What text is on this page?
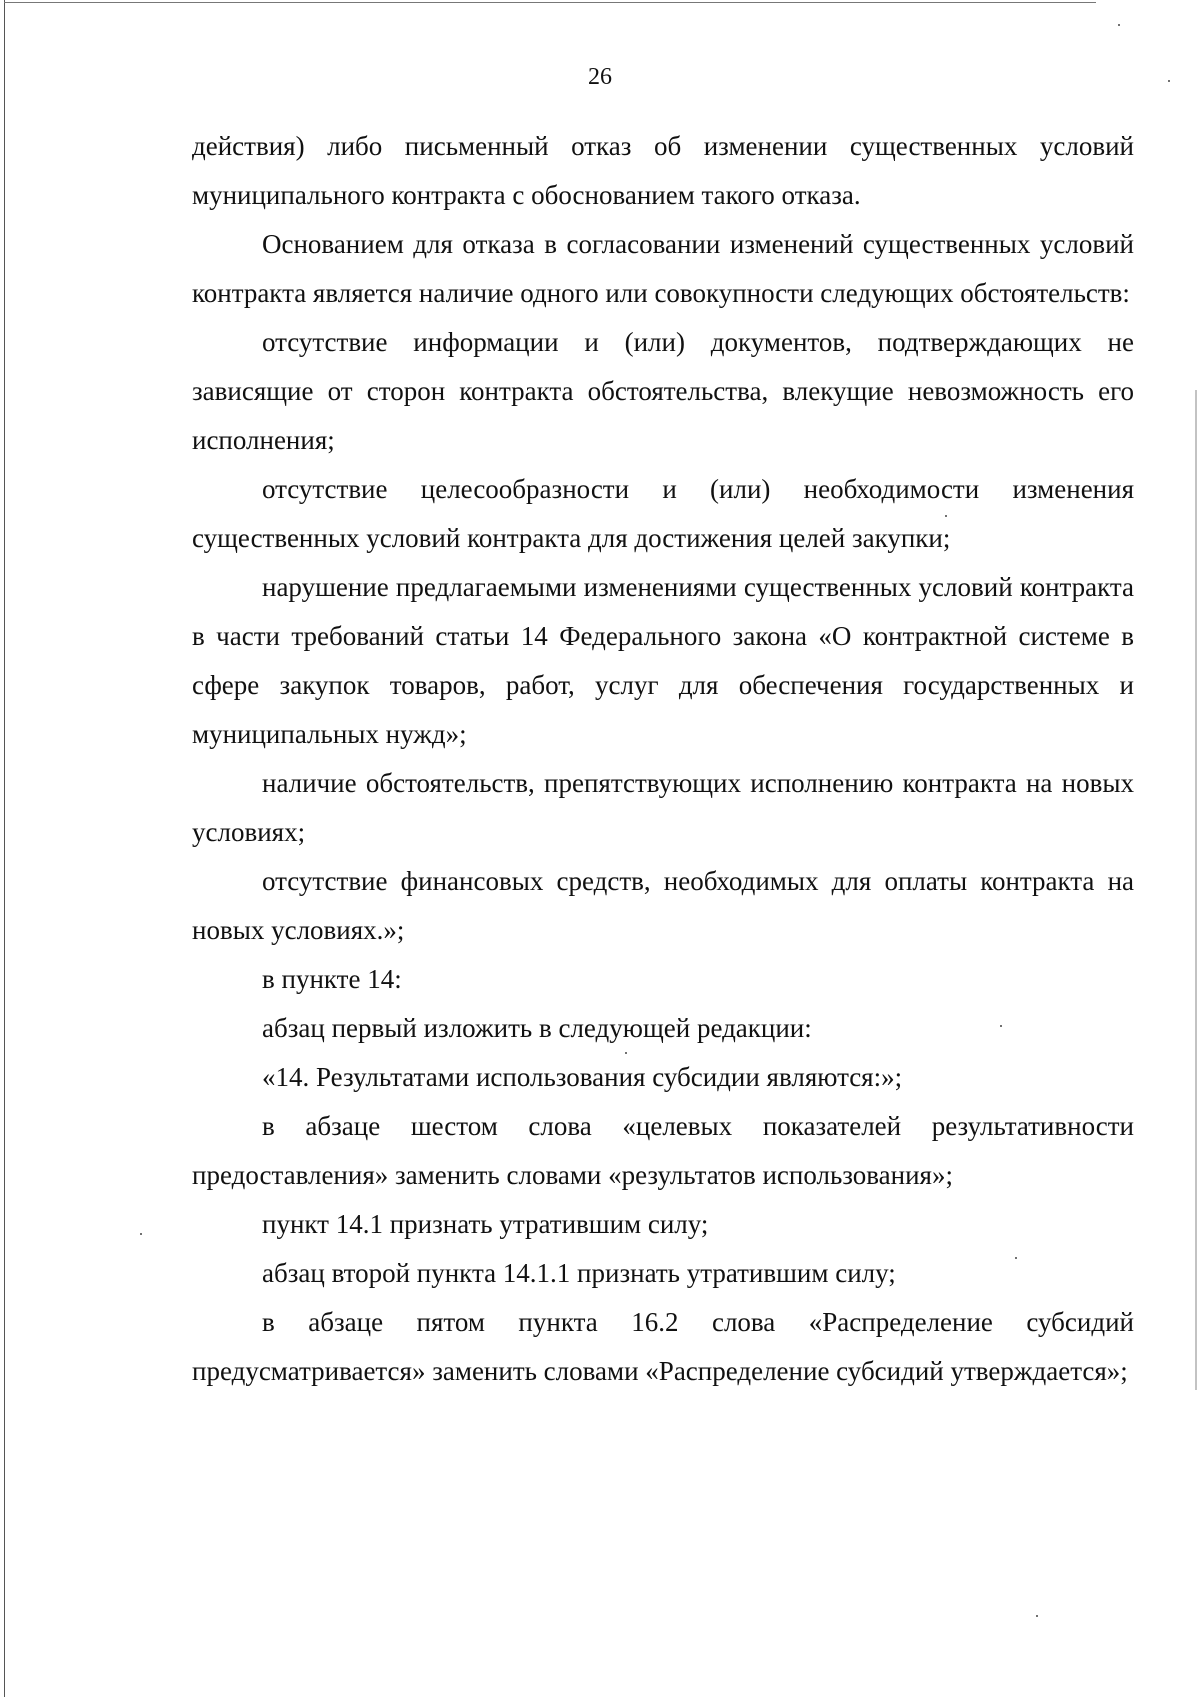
26

действия) либо письменный отказ об изменении существенных условий муниципального контракта с обоснованием такого отказа.

Основанием для отказа в согласовании изменений существенных условий контракта является наличие одного или совокупности следующих обстоятельств:

отсутствие информации и (или) документов, подтверждающих не зависящие от сторон контракта обстоятельства, влекущие невозможность его исполнения;

отсутствие целесообразности и (или) необходимости изменения существенных условий контракта для достижения целей закупки;

нарушение предлагаемыми изменениями существенных условий контракта в части требований статьи 14 Федерального закона «О контрактной системе в сфере закупок товаров, работ, услуг для обеспечения государственных и муниципальных нужд»;

наличие обстоятельств, препятствующих исполнению контракта на новых условиях;

отсутствие финансовых средств, необходимых для оплаты контракта на новых условиях.»;

в пункте 14:

абзац первый изложить в следующей редакции:

«14. Результатами использования субсидии являются:»;

в абзаце шестом слова «целевых показателей результативности предоставления» заменить словами «результатов использования»;

пункт 14.1 признать утратившим силу;

абзац второй пункта 14.1.1 признать утратившим силу;

в абзаце пятом пункта 16.2 слова «Распределение субсидий предусматривается» заменить словами «Распределение субсидий утверждается»;
